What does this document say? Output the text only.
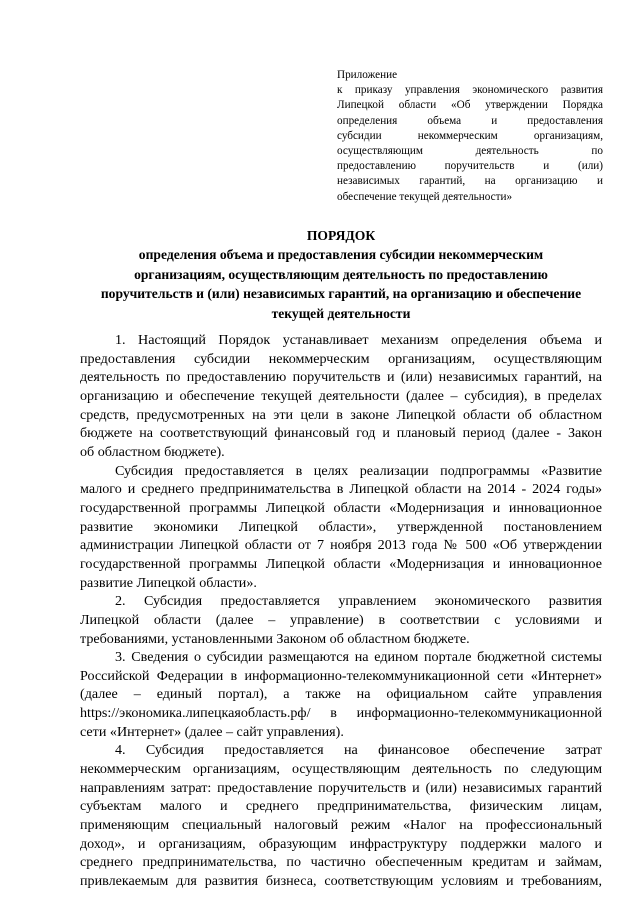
Приложение
к приказу управления экономического развития
Липецкой области «Об утверждении Порядка
определения объема и предоставления
субсидии некоммерческим организациям,
осуществляющим деятельность по
предоставлению поручительств и (или)
независимых гарантий, на организацию и
обеспечение текущей деятельности»
ПОРЯДОК
определения объема и предоставления субсидии некоммерческим
организациям, осуществляющим деятельность по предоставлению
поручительств и (или) независимых гарантий, на организацию и обеспечение
текущей деятельности
1. Настоящий Порядок устанавливает механизм определения объема и
предоставления субсидии некоммерческим организациям, осуществляющим
деятельность по предоставлению поручительств и (или) независимых гарантий, на
организацию и обеспечение текущей деятельности (далее – субсидия), в пределах
средств, предусмотренных на эти цели в законе Липецкой области об областном
бюджете на соответствующий финансовый год и плановый период (далее - Закон
об областном бюджете).
Субсидия предоставляется в целях реализации подпрограммы «Развитие
малого и среднего предпринимательства в Липецкой области на 2014 - 2024 годы»
государственной программы Липецкой области «Модернизация и инновационное
развитие экономики Липецкой области», утвержденной постановлением
администрации Липецкой области от 7 ноября 2013 года № 500 «Об утверждении
государственной программы Липецкой области «Модернизация и инновационное
развитие Липецкой области».
2. Субсидия предоставляется управлением экономического развития
Липецкой области (далее – управление) в соответствии с условиями и
требованиями, установленными Законом об областном бюджете.
3. Сведения о субсидии размещаются на едином портале бюджетной системы
Российской Федерации в информационно-телекоммуникационной сети «Интернет»
(далее – единый портал), а также на официальном сайте управления
https://экономика.липецкаяобласть.рф/ в информационно-телекоммуникационной
сети «Интернет» (далее – сайт управления).
4. Субсидия предоставляется на финансовое обеспечение затрат
некоммерческим организациям, осуществляющим деятельность по следующим
направлениям затрат: предоставление поручительств и (или) независимых гарантий
субъектам малого и среднего предпринимательства, физическим лицам,
применяющим специальный налоговый режим «Налог на профессиональный
доход», и организациям, образующим инфраструктуру поддержки малого и
среднего предпринимательства, по частично обеспеченным кредитам и займам,
привлекаемым для развития бизнеса, соответствующим условиям и требованиям,
